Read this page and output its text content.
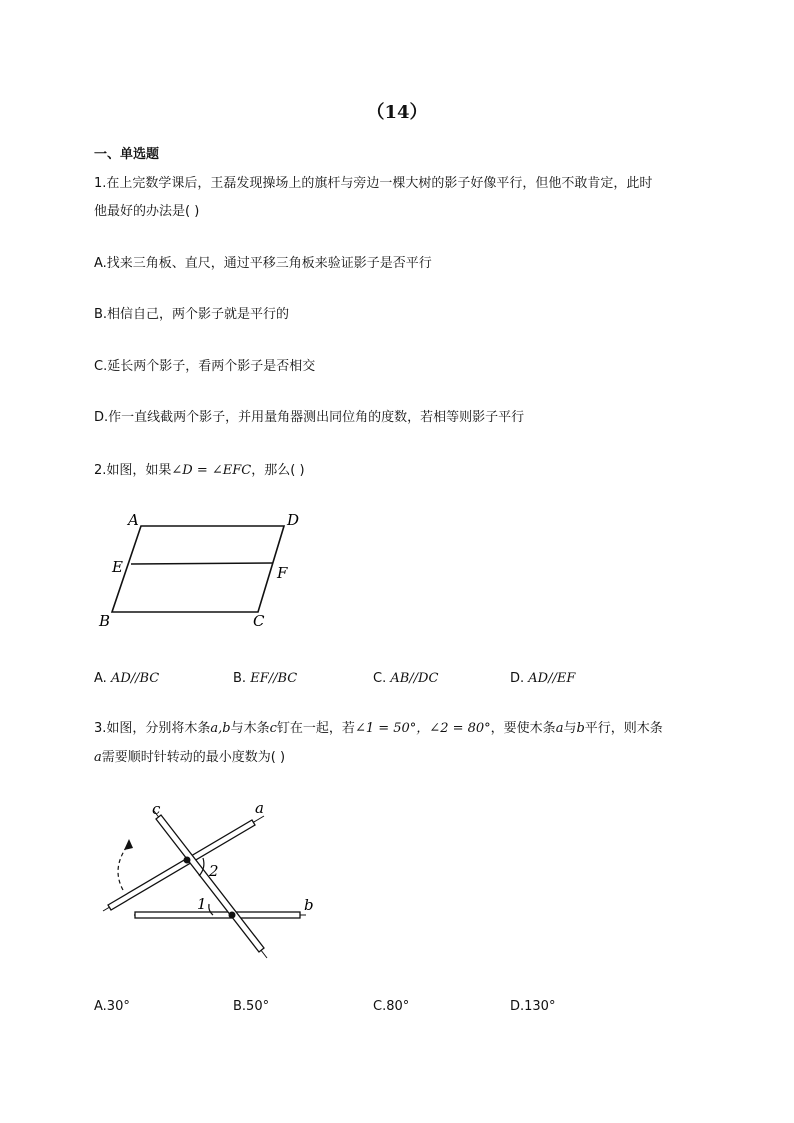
（14）
一、单选题
1.在上完数学课后，王磊发现操场上的旗杆与旁边一棵大树的影子好像平行，但他不敢肯定，此时
他最好的办法是( )
A.找来三角板、直尺，通过平移三角板来验证影子是否平行
B.相信自己，两个影子就是平行的
C.延长两个影子，看两个影子是否相交
D.作一直线截两个影子，并用量角器测出同位角的度数，若相等则影子平行
2.如图，如果∠D = ∠EFC，那么( )
A	D
E	F
B	C
A. AD//BC	B. EF//BC	C. AB//DC	D. AD//EF
3.如图，分别将木条a,b与木条c钉在一起，若∠1 = 50°，∠2 = 80°，要使木条a与b平行，则木条
a需要顺时针转动的最小度数为( )
c	a
b
2
1
A.30°	B.50°	C.80°	D.130°
